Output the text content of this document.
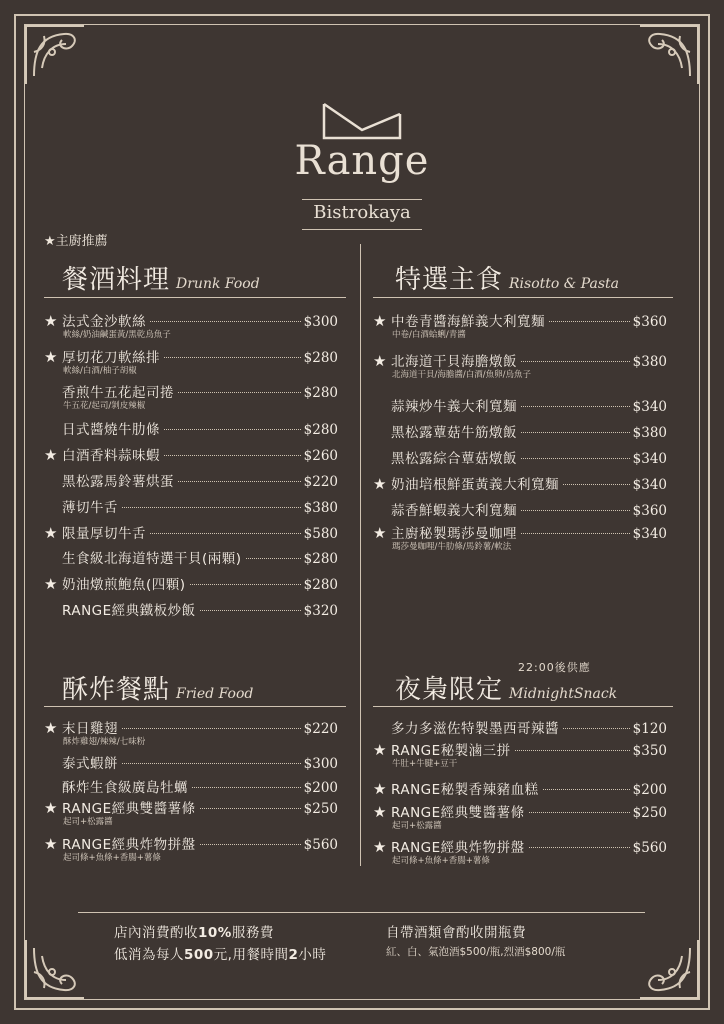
Range
Bistrokaya
★主廚推薦
餐酒料理 Drunk Food	特選主食 Risotto & Pasta
酥炸餐點 Fried Food
22:00後供應
夜梟限定 MidnightSnack
★ 法式金沙軟絲	$300
軟絲/奶油鹹蛋黃/黑乾烏魚子
★ 厚切花刀軟絲排	$280
軟絲/白酒/柚子胡椒
香煎牛五花起司捲	$280
牛五花/起司/剝皮辣椒
日式醬燒牛肋條	$280
★ 白酒香料蒜味蝦	$260
黑松露馬鈴薯烘蛋	$220
薄切牛舌	$380
★ 限量厚切牛舌	$580
生食級北海道特選干貝(兩顆)	$280
★ 奶油燉煎鮑魚(四顆)	$280
RANGE經典鐵板炒飯	$320
★ 中卷青醬海鮮義大利寬麵	$360
中卷/白酒蛤蜊/青醬
★ 北海道干貝海膽燉飯	$380
北海道干貝/海膽醬/白酒/魚卵/烏魚子
蒜辣炒牛義大利寬麵	$340
黑松露蕈菇牛筋燉飯	$380
黑松露綜合蕈菇燉飯	$340
★ 奶油培根鮮蛋黃義大利寬麵	$340
蒜香鮮蝦義大利寬麵	$360
★ 主廚秘製瑪莎曼咖哩	$340
瑪莎曼咖哩/牛肋條/馬鈴薯/軟法
★ 末日雞翅	$220
酥炸雞翅/辣辣/七味粉
泰式蝦餅	$300
酥炸生食級廣島牡蠣	$200
★ RANGE經典雙醬薯條	$250
起司+松露醬
★ RANGE經典炸物拼盤	$560
起司條+魚條+香腸+薯條
多力多滋佐特製墨西哥辣醬	$120
★ RANGE秘製滷三拼	$350
牛肚+牛腱+豆干
★ RANGE秘製香辣豬血糕	$200
★ RANGE經典雙醬薯條	$250
起司+松露醬
★ RANGE經典炸物拼盤	$560
起司條+魚條+香腸+薯條
店內消費酌收10%服務費
低消為每人500元,用餐時間2小時
自帶酒類會酌收開瓶費
紅、白、氣泡酒$500/瓶,烈酒$800/瓶
